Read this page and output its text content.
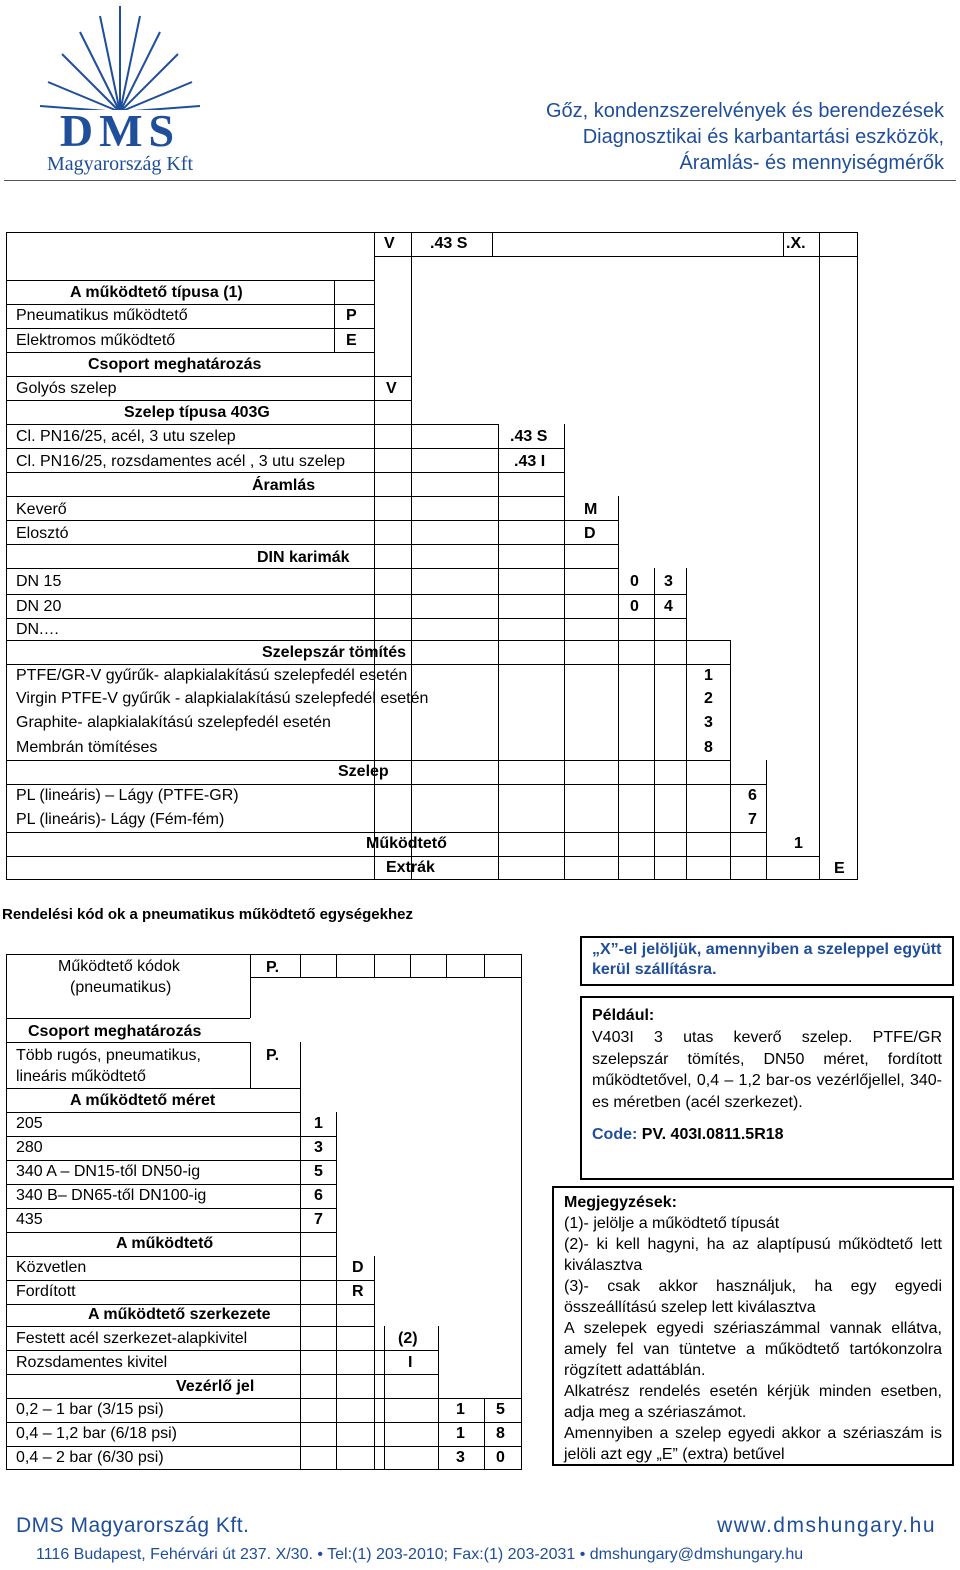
DMS
Magyarország Kft
Gőz, kondenzszerelvények és berendezések
Diagnosztikai és karbantartási eszközök,
Áramlás- és mennyiségmérők
V .43 S	.X.
A működtető típusa (1)
Pneumatikus működtető	P
Elektromos működtető	E
Csoport meghatározás
Golyós szelep	V
Szelep típusa 403G
Cl. PN16/25, acél, 3 utu szelep	.43 S
Cl. PN16/25, rozsdamentes acél , 3 utu szelep	.43 I
Áramlás
Keverő	M
Elosztó	D
DIN karimák
DN 15	0 3
DN 20	0 4
DN.…
Szelepszár tömítés
PTFE/GR-V gyűrűk- alapkialakítású szelepfedél esetén	1
Virgin PTFE-V gyűrűk - alapkialakítású szelepfedél esetén	2
Graphite- alapkialakítású szelepfedél esetén	3
Membrán tömítéses	8
Szelep
PL (lineáris) – Lágy (PTFE-GR)	6
PL (lineáris)- Lágy (Fém-fém)	7
Működtető	1
Extrák	E
Rendelési kód ok a pneumatikus működtető egységekhez
Működtető kódok
(pneumatikus)
P.
Csoport meghatározás
Több rugós, pneumatikus,
lineáris működtető
P.
A működtető méret
205	1
280	3
340 A – DN15-től DN50-ig	5
340 B– DN65-től DN100-ig	6
435	7
A működtető
Közvetlen	D
Fordított	R
A működtető szerkezete
Festett acél szerkezet-alapkivitel	(2)
Rozsdamentes kivitel	I
Vezérlő jel
0,2 – 1 bar (3/15 psi)	1 5
0,4 – 1,2 bar (6/18 psi)	1 8
0,4 – 2 bar (6/30 psi)	3 0
„X”-el jelöljük, amennyiben a szeleppel együtt kerül szállításra.
Például:
V403I 3 utas keverő szelep. PTFE/GR szelepszár tömítés, DN50 méret, fordított működtetővel, 0,4 – 1,2 bar-os vezérlőjellel, 340-es méretben (acél szerkezet).
Code: PV. 403I.0811.5R18
Megjegyzések:
(1)- jelölje a működtető típusát
(2)- ki kell hagyni, ha az alaptípusú működtető lett kiválasztva
(3)- csak akkor használjuk, ha egy egyedi összeállítású szelep lett kiválasztva
A szelepek egyedi szériaszámmal vannak ellátva, amely fel van tüntetve a működtető tartókonzolra rögzített adattáblán.
Alkatrész rendelés esetén kérjük minden esetben, adja meg a szériaszámot.
Amennyiben a szelep egyedi akkor a szériaszám is jelöli azt egy „E” (extra) betűvel
DMS Magyarország Kft.	www.dmshungary.hu
1116 Budapest, Fehérvári út 237. X/30. • Tel:(1) 203-2010; Fax:(1) 203-2031 • dmshungary@dmshungary.hu
